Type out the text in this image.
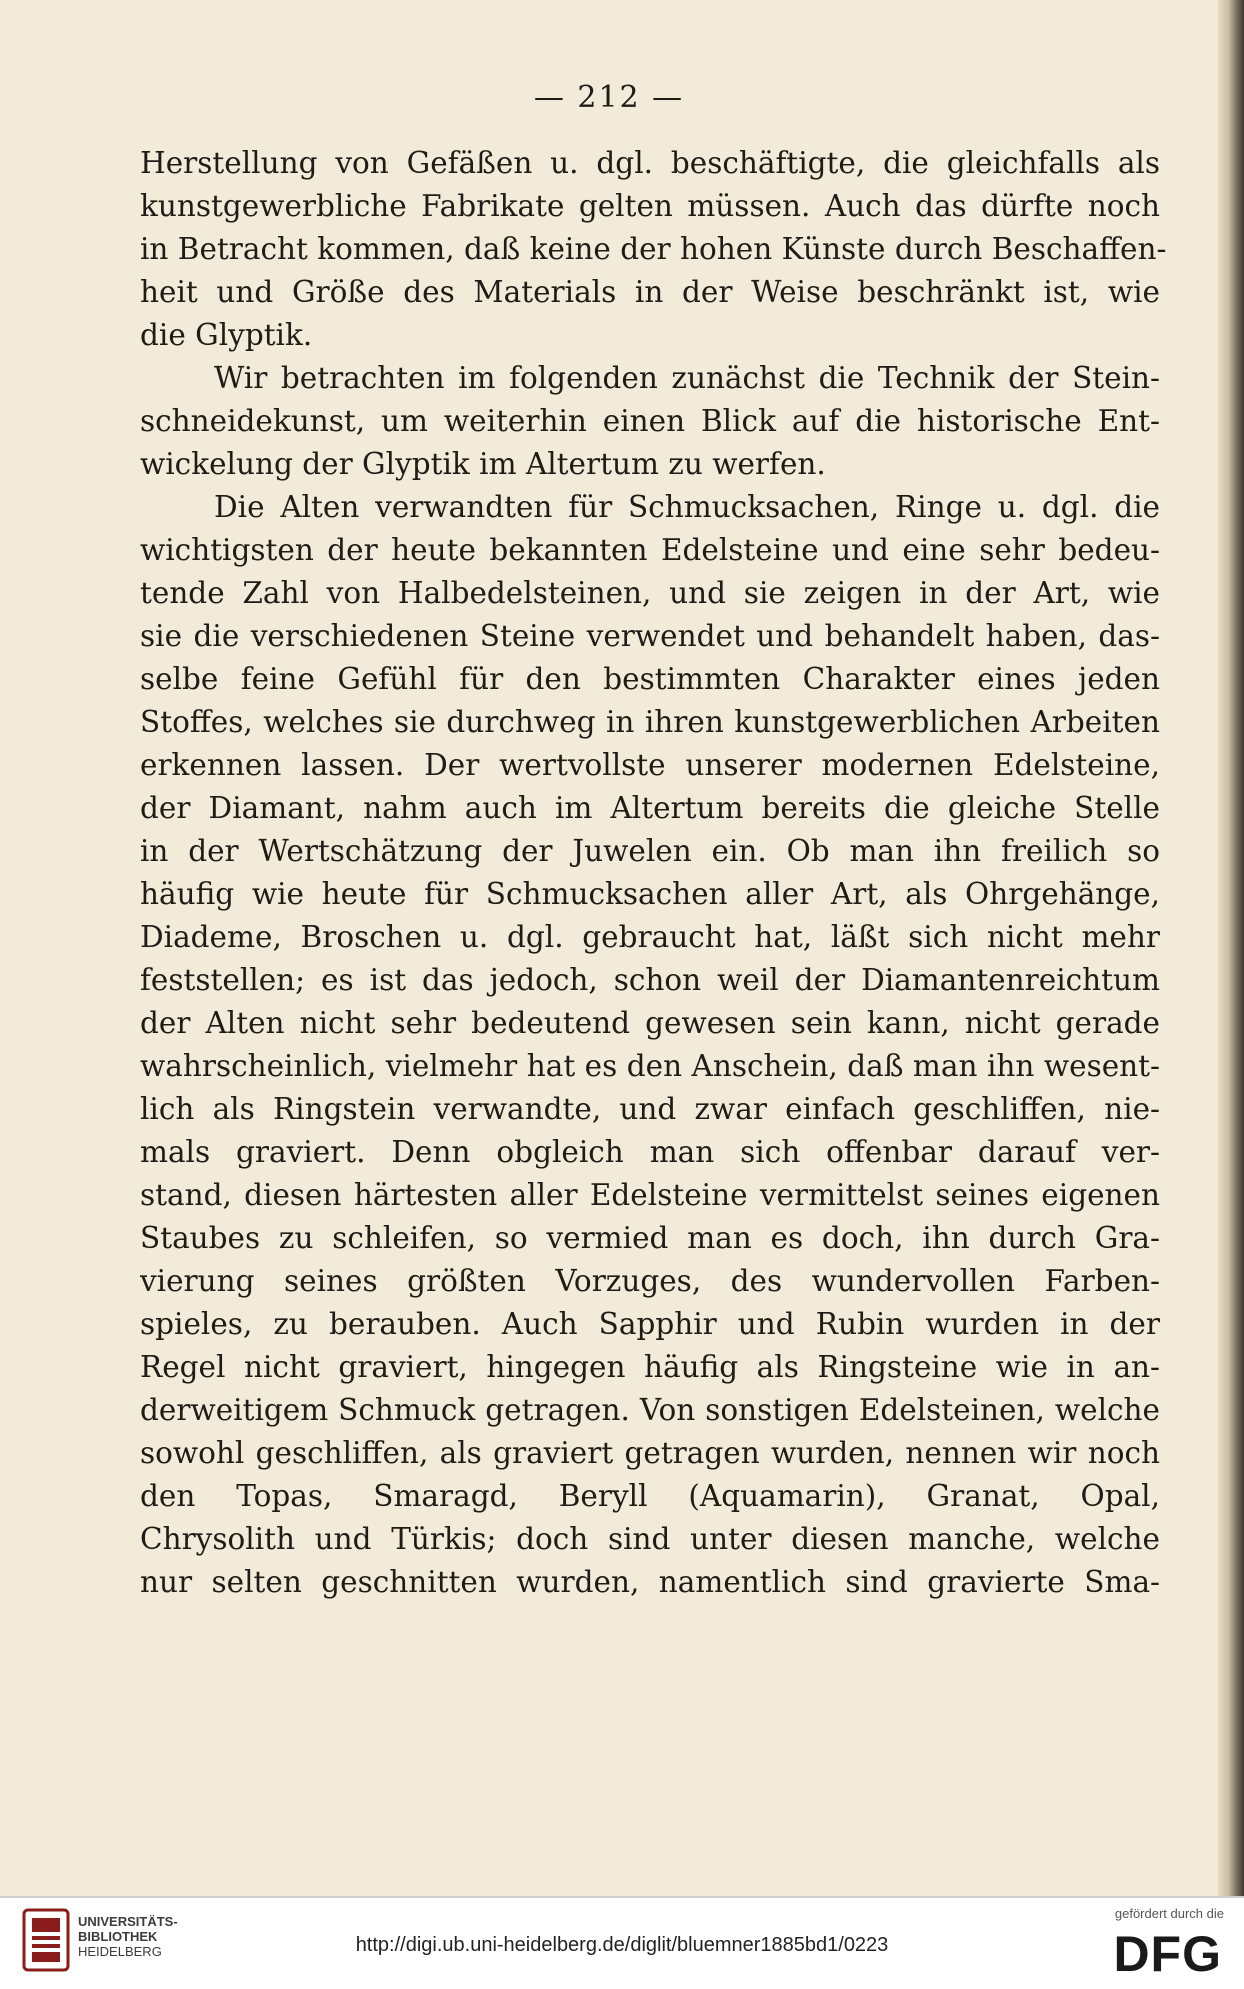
— 212 —
Herstellung von Gefäßen u. dgl. beschäftigte, die gleichfalls als
kunstgewerbliche Fabrikate gelten müssen. Auch das dürfte noch
in Betracht kommen, daß keine der hohen Künste durch Beschaffen-
heit und Größe des Materials in der Weise beschränkt ist, wie
die Glyptik.
Wir betrachten im folgenden zunächst die Technik der Stein-
schneidekunst, um weiterhin einen Blick auf die historische Ent-
wickelung der Glyptik im Altertum zu werfen.
Die Alten verwandten für Schmucksachen, Ringe u. dgl. die
wichtigsten der heute bekannten Edelsteine und eine sehr bedeu-
tende Zahl von Halbedelsteinen, und sie zeigen in der Art, wie
sie die verschiedenen Steine verwendet und behandelt haben, das-
selbe feine Gefühl für den bestimmten Charakter eines jeden
Stoffes, welches sie durchweg in ihren kunstgewerblichen Arbeiten
erkennen lassen. Der wertvollste unserer modernen Edelsteine,
der Diamant, nahm auch im Altertum bereits die gleiche Stelle
in der Wertschätzung der Juwelen ein. Ob man ihn freilich so
häufig wie heute für Schmucksachen aller Art, als Ohrgehänge,
Diademe, Broschen u. dgl. gebraucht hat, läßt sich nicht mehr
feststellen; es ist das jedoch, schon weil der Diamantenreichtum
der Alten nicht sehr bedeutend gewesen sein kann, nicht gerade
wahrscheinlich, vielmehr hat es den Anschein, daß man ihn wesent-
lich als Ringstein verwandte, und zwar einfach geschliffen, nie-
mals graviert. Denn obgleich man sich offenbar darauf ver-
stand, diesen härtesten aller Edelsteine vermittelst seines eigenen
Staubes zu schleifen, so vermied man es doch, ihn durch Gra-
vierung seines größten Vorzuges, des wundervollen Farben-
spieles, zu berauben. Auch Sapphir und Rubin wurden in der
Regel nicht graviert, hingegen häufig als Ringsteine wie in an-
derweitigem Schmuck getragen. Von sonstigen Edelsteinen, welche
sowohl geschliffen, als graviert getragen wurden, nennen wir noch
den Topas, Smaragd, Beryll (Aquamarin), Granat, Opal,
Chrysolith und Türkis; doch sind unter diesen manche, welche
nur selten geschnitten wurden, namentlich sind gravierte Sma-
UNIVERSITÄTS-
BIBLIOTHEK
HEIDELBERG	http://digi.ub.uni-heidelberg.de/diglit/bluemner1885bd1/0223
gefördert durch die
DFG
